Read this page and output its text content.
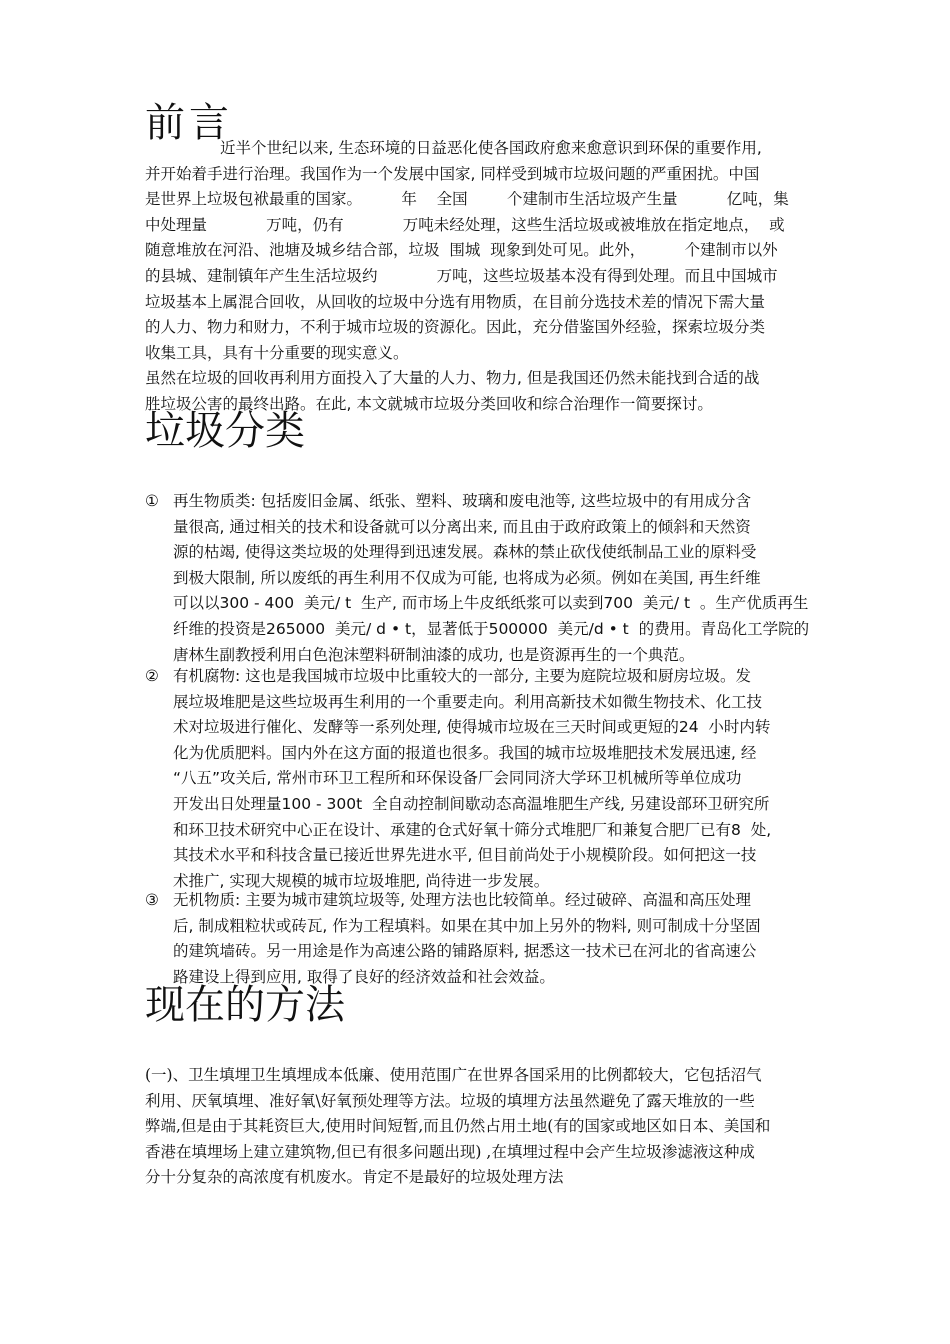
前言
近半个世纪以来, 生态环境的日益恶化使各国政府愈来愈意识到环保的重要作用,
并开始着手进行治理。我国作为一个发展中国家, 同样受到城市垃圾问题的严重困扰。中国
是世界上垃圾包袱最重的国家。        年    全国        个建制市生活垃圾产生量          亿吨，集
中处理量            万吨，仍有            万吨未经处理，这些生活垃圾或被堆放在指定地点，  或
随意堆放在河沿、池塘及城乡结合部，垃圾  围城  现象到处可见。此外，        个建制市以外
的县城、建制镇年产生生活垃圾约            万吨，这些垃圾基本没有得到处理。而且中国城市
垃圾基本上属混合回收，从回收的垃圾中分选有用物质，在目前分选技术差的情况下需大量
的人力、物力和财力，不利于城市垃圾的资源化。因此，充分借鉴国外经验，探索垃圾分类
收集工具，具有十分重要的现实意义。
虽然在垃圾的回收再利用方面投入了大量的人力、物力, 但是我国还仍然未能找到合适的战
胜垃圾公害的最终出路。在此, 本文就城市垃圾分类回收和综合治理作一简要探讨。
垃圾分类
① 再生物质类: 包括废旧金属、纸张、塑料、玻璃和废电池等, 这些垃圾中的有用成分含
量很高, 通过相关的技术和设备就可以分离出来, 而且由于政府政策上的倾斜和天然资
源的枯竭, 使得这类垃圾的处理得到迅速发展。森林的禁止砍伐使纸制品工业的原料受
到极大限制, 所以废纸的再生利用不仅成为可能, 也将成为必须。例如在美国, 再生纤维
可以以300 - 400  美元/ t  生产, 而市场上牛皮纸纸浆可以卖到700  美元/ t  。生产优质再生
纤维的投资是265000  美元/ d • t，显著低于500000  美元/d • t  的费用。青岛化工学院的
唐林生副教授利用白色泡沫塑料研制油漆的成功, 也是资源再生的一个典范。
② 有机腐物: 这也是我国城市垃圾中比重较大的一部分, 主要为庭院垃圾和厨房垃圾。发
展垃圾堆肥是这些垃圾再生利用的一个重要走向。利用高新技术如微生物技术、化工技
术对垃圾进行催化、发酵等一系列处理, 使得城市垃圾在三天时间或更短的24  小时内转
化为优质肥料。国内外在这方面的报道也很多。我国的城市垃圾堆肥技术发展迅速, 经
“八五”攻关后, 常州市环卫工程所和环保设备厂会同同济大学环卫机械所等单位成功
开发出日处理量100 - 300t  全自动控制间歇动态高温堆肥生产线, 另建设部环卫研究所
和环卫技术研究中心正在设计、承建的仓式好氧十筛分式堆肥厂和兼复合肥厂已有8  处,
其技术水平和科技含量已接近世界先进水平, 但目前尚处于小规模阶段。如何把这一技
术推广, 实现大规模的城市垃圾堆肥, 尚待进一步发展。
③ 无机物质: 主要为城市建筑垃圾等, 处理方法也比较简单。经过破碎、高温和高压处理
后, 制成粗粒状或砖瓦, 作为工程填料。如果在其中加上另外的物料, 则可制成十分坚固
的建筑墙砖。另一用途是作为高速公路的铺路原料, 据悉这一技术已在河北的省高速公
路建设上得到应用, 取得了良好的经济效益和社会效益。
现在的方法
(一)、卫生填埋卫生填埋成本低廉、使用范围广在世界各国采用的比例都较大，它包括沼气
利用、厌氧填埋、准好氧\好氧预处理等方法。垃圾的填埋方法虽然避免了露天堆放的一些
弊端,但是由于其耗资巨大,使用时间短暂,而且仍然占用土地(有的国家或地区如日本、美国和
香港在填埋场上建立建筑物,但已有很多问题出现) ,在填埋过程中会产生垃圾渗滤液这种成
分十分复杂的高浓度有机废水。肯定不是最好的垃圾处理方法
